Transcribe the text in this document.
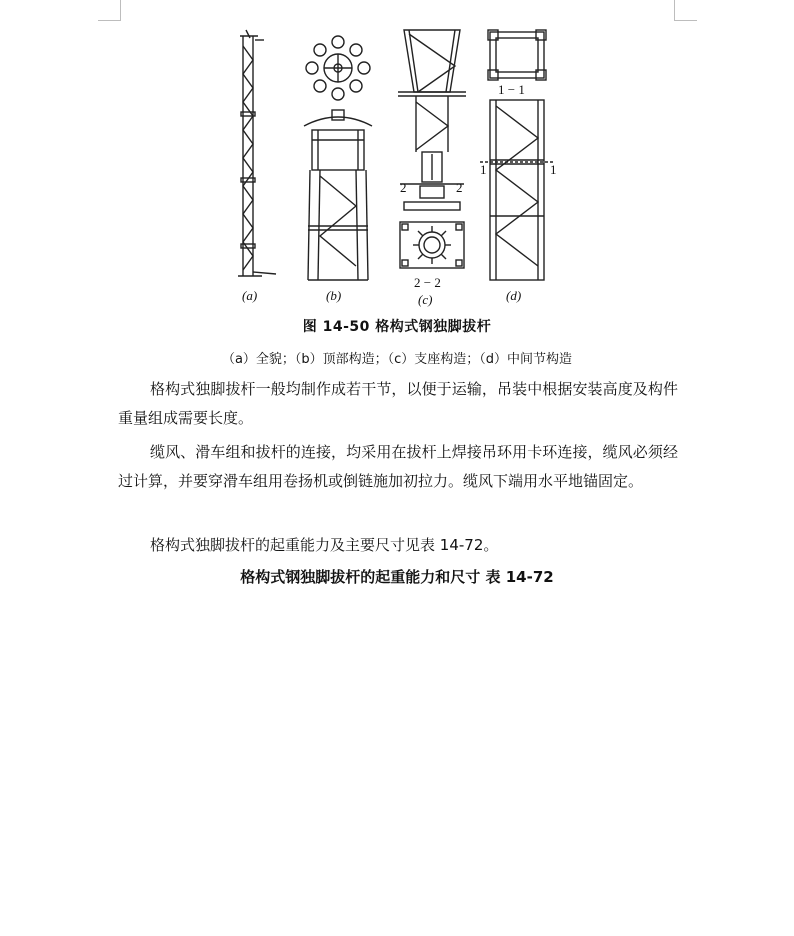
(a)	(b)	(c)	(d)
2	2
2 − 2
1	1
1 − 1
图 14-50 格构式钢独脚拔杆
（a）全貌；（b）顶部构造；（c）支座构造；（d）中间节构造

格构式独脚拔杆一般均制作成若干节，以便于运输，吊装中根据安装高度及构件重量组成需要长度。

缆风、滑车组和拔杆的连接，均采用在拔杆上焊接吊环用卡环连接，缆风必须经过计算，并要穿滑车组用卷扬机或倒链施加初拉力。缆风下端用水平地锚固定。

格构式独脚拔杆的起重能力及主要尺寸见表 14-72。

格构式钢独脚拔杆的起重能力和尺寸 表 14-72
